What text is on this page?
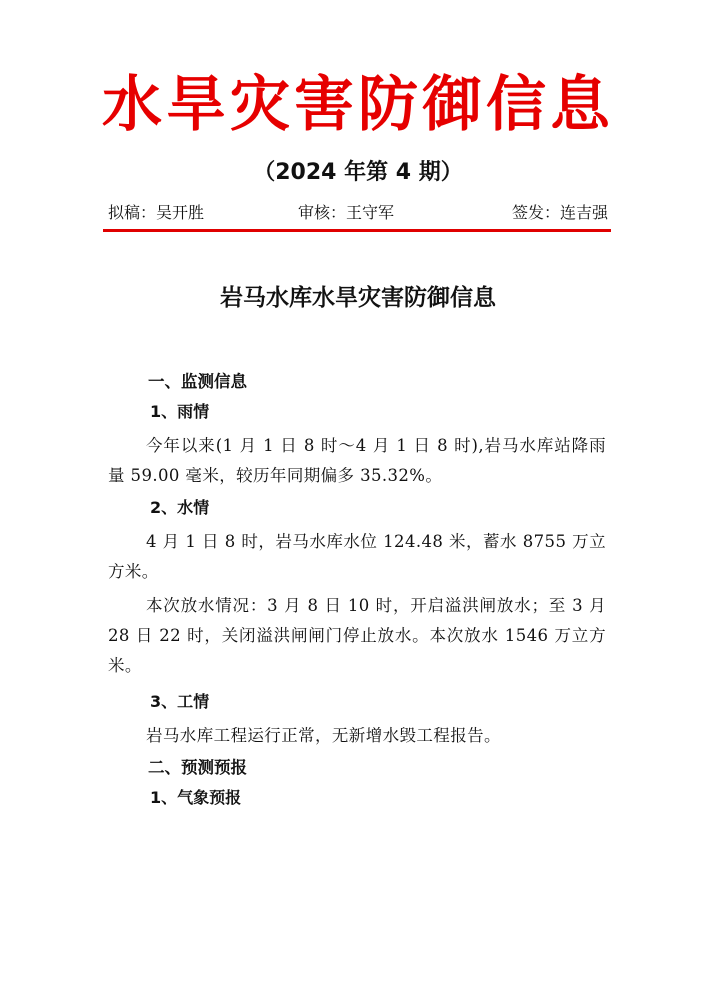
水旱灾害防御信息
（2024 年第 4 期）
拟稿：吴开胜	审核：王守军	签发：连吉强
岩马水库水旱灾害防御信息

一、监测信息

1、雨情

今年以来(1 月 1 日 8 时～4 月 1 日 8 时),岩马水库站降雨量 59.00 毫米，较历年同期偏多 35.32%。

2、水情

4 月 1 日 8 时，岩马水库水位 124.48 米，蓄水 8755 万立方米。

本次放水情况：3 月 8 日 10 时，开启溢洪闸放水；至 3 月 28 日 22 时，关闭溢洪闸闸门停止放水。本次放水 1546 万立方米。

3、工情

岩马水库工程运行正常，无新增水毁工程报告。

二、预测预报

1、气象预报
